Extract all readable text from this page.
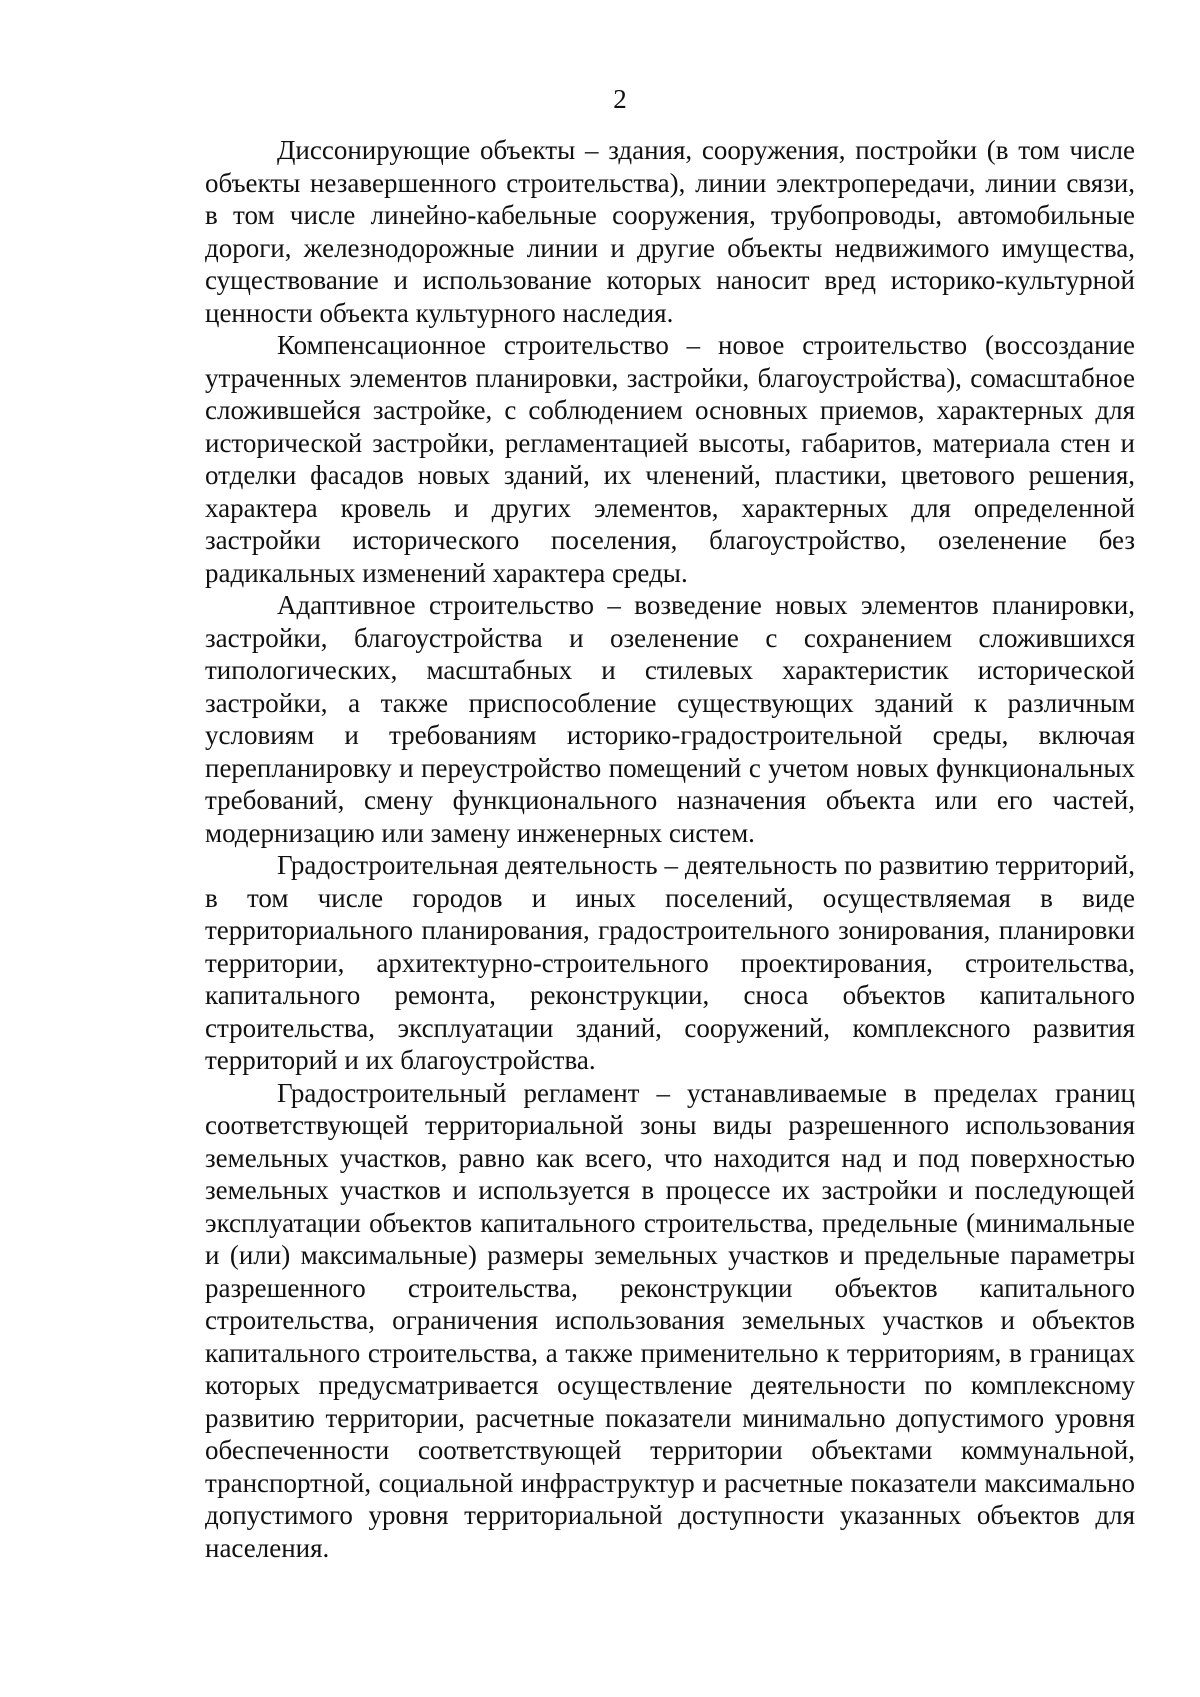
2

Диссонирующие объекты – здания, сооружения, постройки (в том числе объекты незавершенного строительства), линии электропередачи, линии связи, в том числе линейно-кабельные сооружения, трубопроводы, автомобильные дороги, железнодорожные линии и другие объекты недвижимого имущества, существование и использование которых наносит вред историко-культурной ценности объекта культурного наследия.

Компенсационное строительство – новое строительство (воссоздание утраченных элементов планировки, застройки, благоустройства), сомасштабное сложившейся застройке, с соблюдением основных приемов, характерных для исторической застройки, регламентацией высоты, габаритов, материала стен и отделки фасадов новых зданий, их членений, пластики, цветового решения, характера кровель и других элементов, характерных для определенной застройки исторического поселения, благоустройство, озеленение без радикальных изменений характера среды.

Адаптивное строительство – возведение новых элементов планировки, застройки, благоустройства и озеленение с сохранением сложившихся типологических, масштабных и стилевых характеристик исторической застройки, а также приспособление существующих зданий к различным условиям и требованиям историко-градостроительной среды, включая перепланировку и переустройство помещений с учетом новых функциональных требований, смену функционального назначения объекта или его частей, модернизацию или замену инженерных систем.

Градостроительная деятельность – деятельность по развитию территорий, в том числе городов и иных поселений, осуществляемая в виде территориального планирования, градостроительного зонирования, планировки территории, архитектурно-строительного проектирования, строительства, капитального ремонта, реконструкции, сноса объектов капитального строительства, эксплуатации зданий, сооружений, комплексного развития территорий и их благоустройства.

Градостроительный регламент – устанавливаемые в пределах границ соответствующей территориальной зоны виды разрешенного использования земельных участков, равно как всего, что находится над и под поверхностью земельных участков и используется в процессе их застройки и последующей эксплуатации объектов капитального строительства, предельные (минимальные и (или) максимальные) размеры земельных участков и предельные параметры разрешенного строительства, реконструкции объектов капитального строительства, ограничения использования земельных участков и объектов капитального строительства, а также применительно к территориям, в границах которых предусматривается осуществление деятельности по комплексному развитию территории, расчетные показатели минимально допустимого уровня обеспеченности соответствующей территории объектами коммунальной, транспортной, социальной инфраструктур и расчетные показатели максимально допустимого уровня территориальной доступности указанных объектов для населения.
